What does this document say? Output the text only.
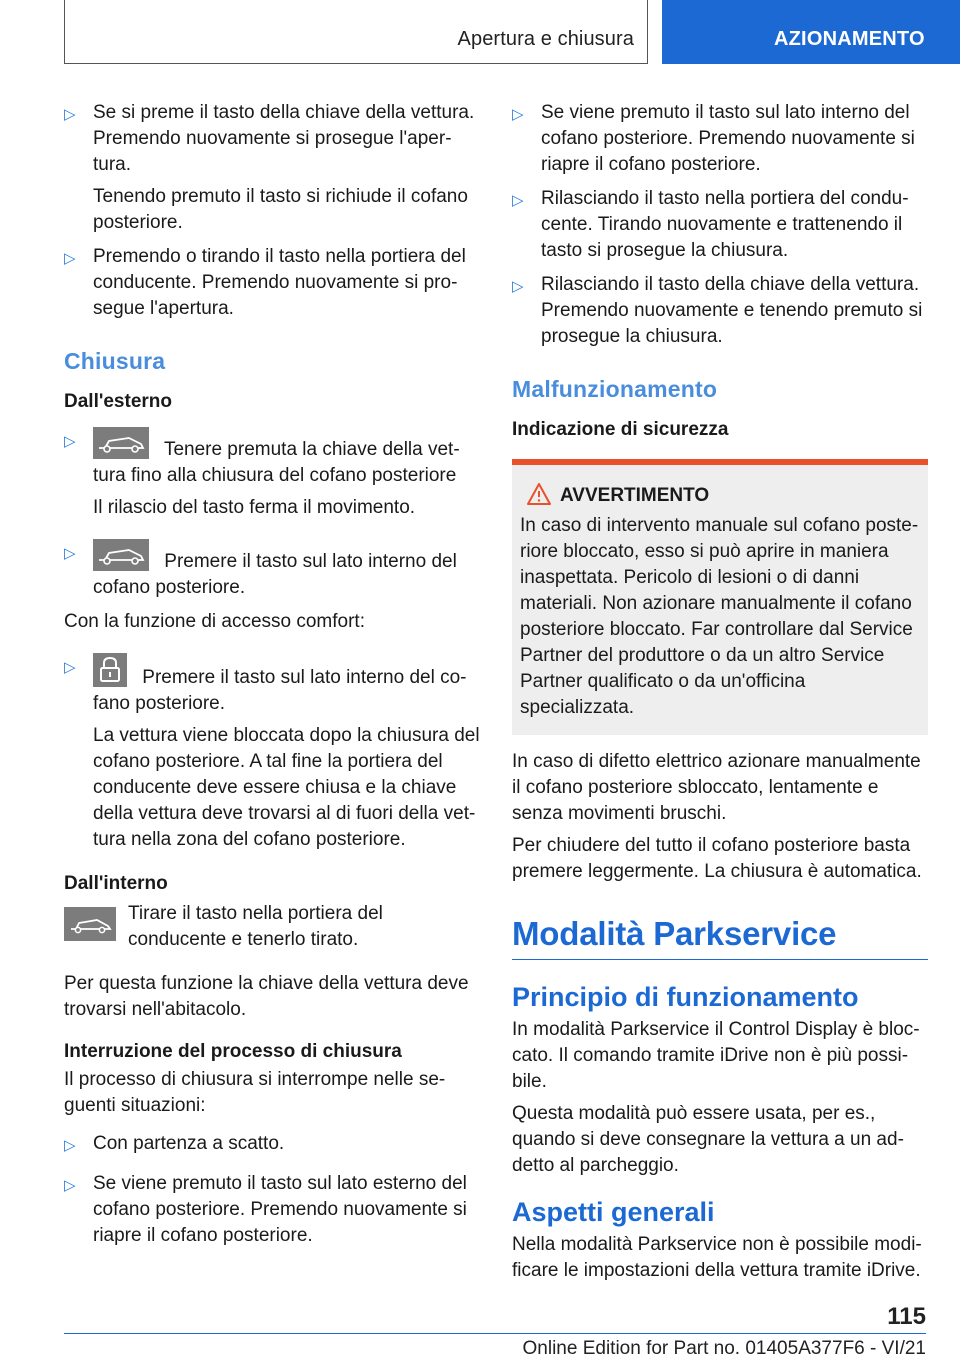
Apertura e chiusura	AZIONAMENTO
▷ Se si preme il tasto della chiave della vettura. Premendo nuovamente si prosegue l'apertura.
Tenendo premuto il tasto si richiude il cofano posteriore.
▷ Premendo o tirando il tasto nella portiera del conducente. Premendo nuovamente si prosegue l'apertura.
Chiusura
Dall'esterno
▷	Tenere premuta la chiave della vettura fino alla chiusura del cofano posteriore
Il rilascio del tasto ferma il movimento.
▷	Premere il tasto sul lato interno del cofano posteriore.
Con la funzione di accesso comfort:
▷	Premere il tasto sul lato interno del cofano posteriore.
La vettura viene bloccata dopo la chiusura del cofano posteriore. A tal fine la portiera del conducente deve essere chiusa e la chiave della vettura deve trovarsi al di fuori della vettura nella zona del cofano posteriore.
Dall'interno
Tirare il tasto nella portiera del conducente e tenerlo tirato.
Per questa funzione la chiave della vettura deve trovarsi nell'abitacolo.
Interruzione del processo di chiusura
Il processo di chiusura si interrompe nelle seguenti situazioni:
▷ Con partenza a scatto.
▷ Se viene premuto il tasto sul lato esterno del cofano posteriore. Premendo nuovamente si riapre il cofano posteriore.
▷ Se viene premuto il tasto sul lato interno del cofano posteriore. Premendo nuovamente si riapre il cofano posteriore.
▷ Rilasciando il tasto nella portiera del conducente. Tirando nuovamente e trattenendo il tasto si prosegue la chiusura.
▷ Rilasciando il tasto della chiave della vettura. Premendo nuovamente e tenendo premuto si prosegue la chiusura.
Malfunzionamento
Indicazione di sicurezza
AVVERTIMENTO
In caso di intervento manuale sul cofano posteriore bloccato, esso si può aprire in maniera inaspettata. Pericolo di lesioni o di danni materiali. Non azionare manualmente il cofano posteriore bloccato. Far controllare dal Service Partner del produttore o da un altro Service Partner qualificato o da un'officina specializzata.
In caso di difetto elettrico azionare manualmente il cofano posteriore sbloccato, lentamente e senza movimenti bruschi.
Per chiudere del tutto il cofano posteriore basta premere leggermente. La chiusura è automatica.
Modalità Parkservice
Principio di funzionamento
In modalità Parkservice il Control Display è bloccato. Il comando tramite iDrive non è più possibile.
Questa modalità può essere usata, per es., quando si deve consegnare la vettura a un addetto al parcheggio.
Aspetti generali
Nella modalità Parkservice non è possibile modificare le impostazioni della vettura tramite iDrive.
115
Online Edition for Part no. 01405A377F6 - VI/21
